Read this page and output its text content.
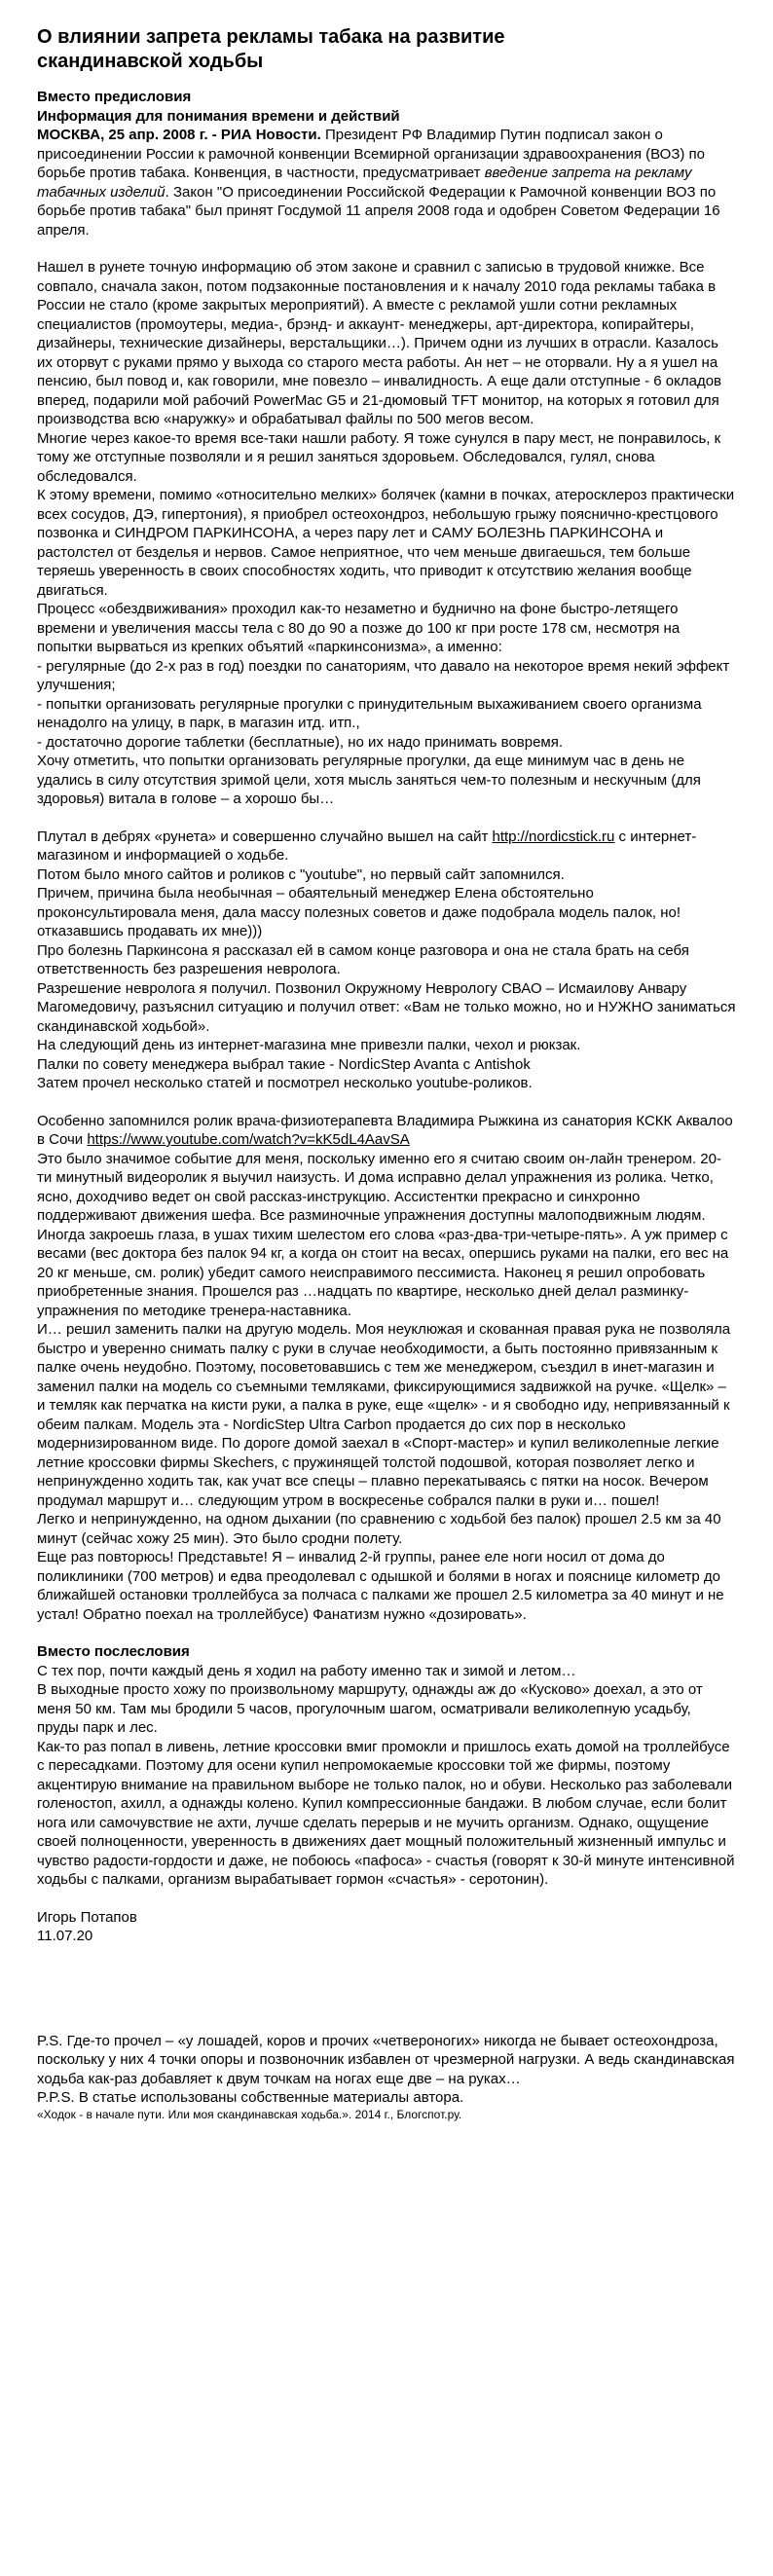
О влиянии запрета рекламы табака на развитие скандинавской ходьбы

Вместо предисловия

Информация для понимания времени и действий

МОСКВА, 25 апр. 2008 г. - РИА Новости. Президент РФ Владимир Путин подписал закон о присоединении России к рамочной конвенции Всемирной организации здравоохранения (ВОЗ) по борьбе против табака. Конвенция, в частности, предусматривает введение запрета на рекламу табачных изделий. Закон "О присоединении Российской Федерации к Рамочной конвенции ВОЗ по борьбе против табака" был принят Госдумой 11 апреля 2008 года и одобрен Советом Федерации 16 апреля.

Нашел в рунете точную информацию об этом законе и сравнил с записью в трудовой книжке. Все совпало, сначала закон, потом подзаконные постановления и к началу 2010 года рекламы табака в России не стало (кроме закрытых мероприятий). А вместе с рекламой ушли сотни рекламных специалистов (промоутеры, медиа-, брэнд- и аккаунт- менеджеры, арт-директора, копирайтеры, дизайнеры, технические дизайнеры, верстальщики…). Причем одни из лучших в отрасли. Казалось их оторвут с руками прямо у выхода со старого места работы. Ан нет – не оторвали. Ну а я ушел на пенсию, был повод и, как говорили, мне повезло – инвалидность. А еще дали отступные - 6 окладов вперед, подарили мой рабочий PowerMac G5 и 21-дюмовый TFT монитор, на которых я готовил для производства всю «наружку» и обрабатывал файлы по 500 мегов весом.

Многие через какое-то время все-таки нашли работу. Я тоже сунулся в пару мест, не понравилось, к тому же отступные позволяли и я решил заняться здоровьем. Обследовался, гулял, снова обследовался.

К этому времени, помимо «относительно мелких» болячек (камни в почках, атеросклероз практически всех сосудов, ДЭ, гипертония), я приобрел остеохондроз, небольшую грыжу пояснично-крестцового позвонка и СИНДРОМ ПАРКИНСОНА, а через пару лет и САМУ БОЛЕЗНЬ ПАРКИНСОНА и растолстел от безделья и нервов. Самое неприятное, что чем меньше двигаешься, тем больше теряешь уверенность в своих способностях ходить, что приводит к отсутствию желания вообще двигаться.

Процесс «обездвиживания» проходил как-то незаметно и буднично на фоне быстро-летящего времени и увеличения массы тела с 80 до 90 а позже до 100 кг при росте 178 см, несмотря на попытки вырваться из крепких объятий «паркинсонизма», а именно:

- регулярные (до 2-х раз в год) поездки по санаториям, что давало на некоторое время некий эффект улучшения;

- попытки организовать регулярные прогулки с принудительным выхаживанием своего организма ненадолго на улицу, в парк, в магазин итд. итп.,

- достаточно дорогие таблетки (бесплатные), но их надо принимать вовремя.

Хочу отметить, что попытки организовать регулярные прогулки, да еще минимум час в день не удались в силу отсутствия зримой цели, хотя мысль заняться чем-то полезным и нескучным (для здоровья) витала в голове – а хорошо бы…

Плутал в дебрях «рунета» и совершенно случайно вышел на сайт http://nordicstick.ru с интернет-магазином и информацией о ходьбе.

Потом было много сайтов и роликов с "youtube", но первый сайт запомнился.

Причем, причина была необычная – обаятельный менеджер Елена обстоятельно проконсультировала меня, дала массу полезных советов и даже подобрала модель палок, но! отказавшись продавать их мне)))

Про болезнь Паркинсона я рассказал ей в самом конце разговора и она не стала брать на себя ответственность без разрешения невролога.

Разрешение невролога я получил. Позвонил Окружному Неврологу СВАО – Исмаилову Анвару Магомедовичу, разъяснил ситуацию и получил ответ: «Вам не только можно, но и НУЖНО заниматься скандинавской ходьбой».

На следующий день из интернет-магазина мне привезли палки, чехол и рюкзак.

Палки по совету менеджера выбрал такие - NordicStep Avanta с Antishok

Затем прочел несколько статей и посмотрел несколько youtube-роликов.

Особенно запомнился ролик врача-физиотерапевта Владимира Рыжкина из санатория КСКК Аквалоо в Сочи https://www.youtube.com/watch?v=kK5dL4AavSA

Это было значимое событие для меня, поскольку именно его я считаю своим он-лайн тренером. 20-ти минутный видеоролик я выучил наизусть. И дома исправно делал упражнения из ролика. Четко, ясно, доходчиво ведет он свой рассказ-инструкцию. Ассистентки прекрасно и синхронно поддерживают движения шефа. Все разминочные упражнения доступны малоподвижным людям. Иногда закроешь глаза, в ушах тихим шелестом его слова «раз-два-три-четыре-пять». А уж пример с весами (вес доктора без палок 94 кг, а когда он стоит на весах, опершись руками на палки, его вес на 20 кг меньше, см. ролик) убедит самого неисправимого пессимиста. Наконец я решил опробовать приобретенные знания. Прошелся раз …надцать по квартире, несколько дней делал разминку-упражнения по методике тренера-наставника.

И… решил заменить палки на другую модель. Моя неуклюжая и скованная правая рука не позволяла быстро и уверенно снимать палку с руки в случае необходимости, а быть постоянно привязанным к палке очень неудобно. Поэтому, посоветовавшись с тем же менеджером, съездил в инет-магазин и заменил палки на модель со съемными темляками, фиксирующимися задвижкой на ручке. «Щелк» – и темляк как перчатка на кисти руки, а палка в руке, еще «щелк» - и я свободно иду, непривязанный к обеим палкам. Модель эта - NordicStep Ultra Carbon продается до сих пор в несколько модернизированном виде. По дороге домой заехал в «Спорт-мастер» и купил великолепные легкие летние кроссовки фирмы Skechers, с пружинящей толстой подошвой, которая позволяет легко и непринужденно ходить так, как учат все спецы – плавно перекатываясь с пятки на носок. Вечером продумал маршрут и… следующим утром в воскресенье собрался палки в руки и… пошел!

Легко и непринужденно, на одном дыхании (по сравнению с ходьбой без палок) прошел 2.5 км за 40 минут (сейчас хожу 25 мин). Это было сродни полету.

Еще раз повторюсь! Представьте! Я – инвалид 2-й группы, ранее еле ноги носил от дома до поликлиники (700 метров) и едва преодолевал с одышкой и болями в ногах и пояснице километр до ближайшей остановки троллейбуса за полчаса с палками же прошел 2.5 километра за 40 минут и не устал! Обратно поехал на троллейбусе) Фанатизм нужно «дозировать».

Вместо послесловия

С тех пор, почти каждый день я ходил на работу именно так и зимой и летом…

В выходные просто хожу по произвольному маршруту, однажды аж до «Кусково» доехал, а это от меня 50 км. Там мы бродили 5 часов, прогулочным шагом, осматривали великолепную усадьбу, пруды парк и лес.

Как-то раз попал в ливень, летние кроссовки вмиг промокли и пришлось ехать домой на троллейбусе с пересадками. Поэтому для осени купил непромокаемые кроссовки той же фирмы, поэтому акцентирую внимание на правильном выборе не только палок, но и обуви. Несколько раз заболевали голеностоп, ахилл, а однажды колено. Купил компрессионные бандажи. В любом случае, если болит нога или самочувствие не ахти, лучше сделать перерыв и не мучить организм. Однако, ощущение своей полноценности, уверенность в движениях дает мощный положительный жизненный импульс и чувство радости-гордости и даже, не побоюсь «пафоса» - счастья (говорят к 30-й минуте интенсивной ходьбы с палками, организм вырабатывает гормон «счастья» - серотонин).

Игорь Потапов

11.07.20

P.S. Где-то прочел – «у лошадей, коров и прочих «четвероногих» никогда не бывает остеохондроза, поскольку у них 4 точки опоры и позвоночник избавлен от чрезмерной нагрузки. А ведь скандинавская ходьба как-раз добавляет к двум точкам на ногах еще две – на руках…

P.P.S. В статье использованы собственные материалы автора.

«Ходок - в начале пути. Или моя скандинавская ходьба.». 2014 г., Блогспот.ру.
